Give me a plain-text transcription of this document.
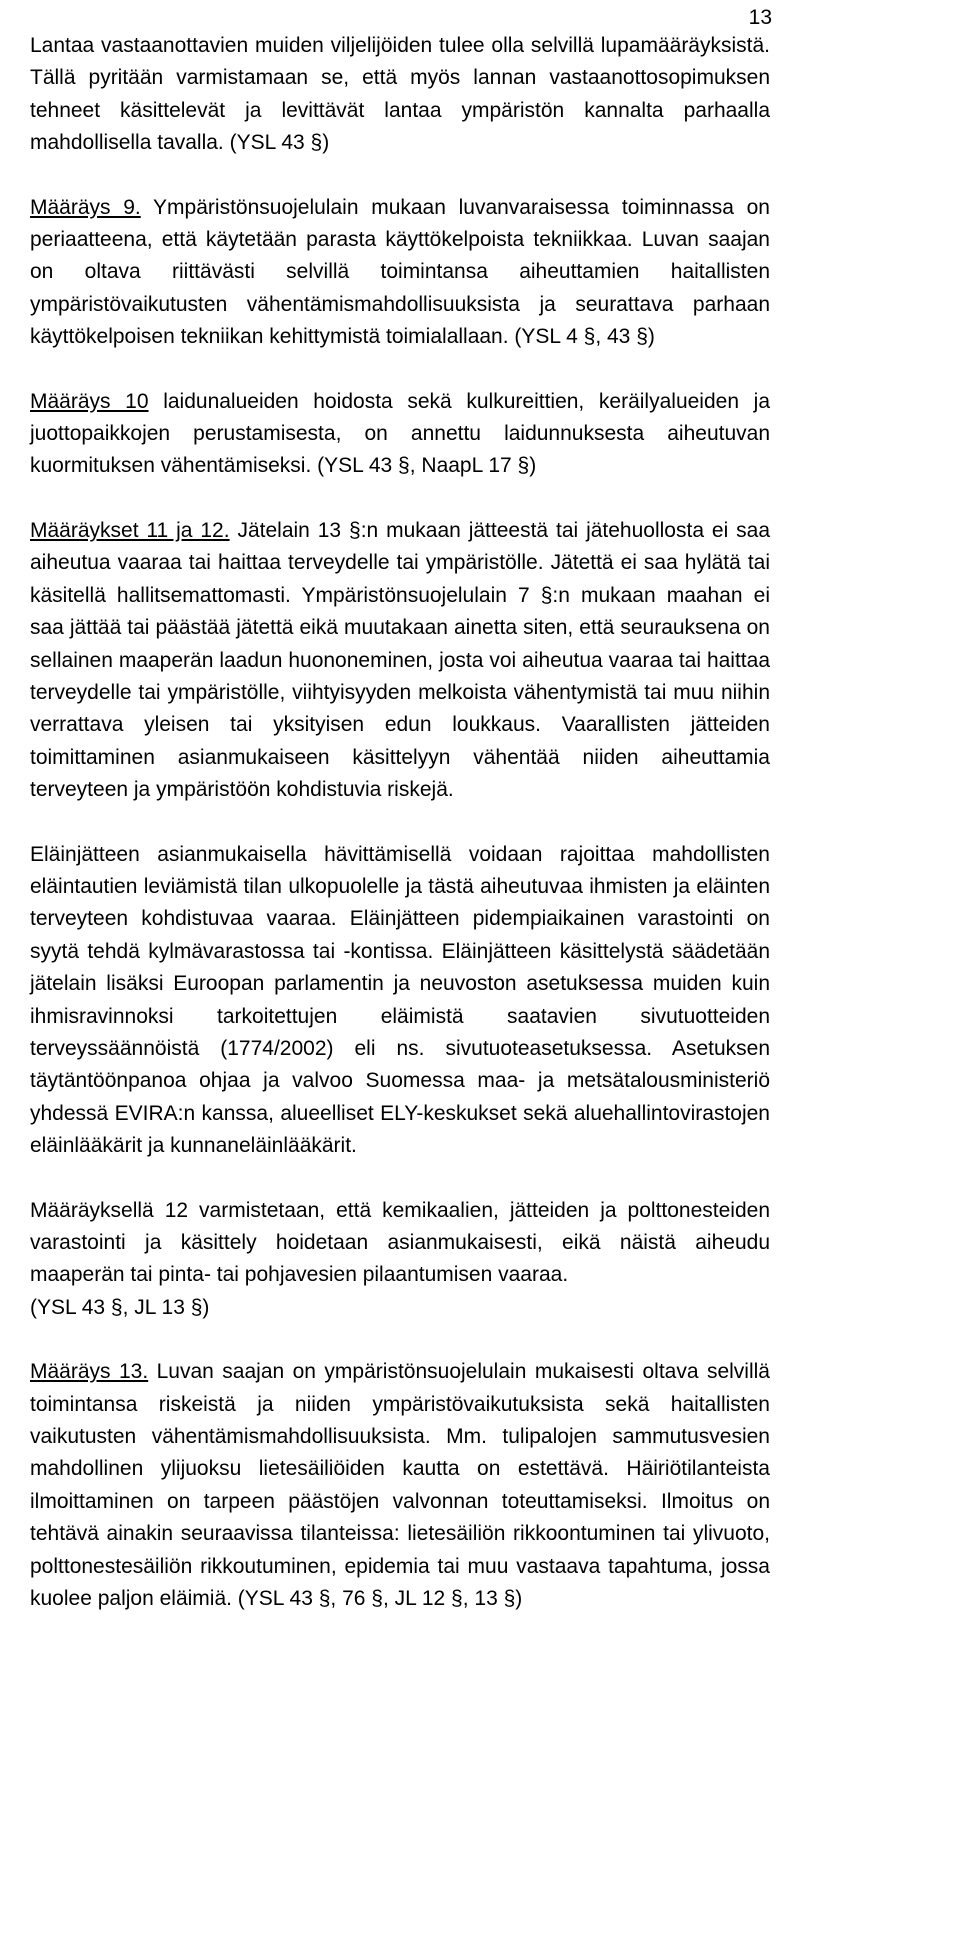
13

Lantaa vastaanottavien muiden viljelijöiden tulee olla selvillä lupamääräyksistä. Tällä pyritään varmistamaan se, että myös lannan vastaanottosopimuksen tehneet käsittelevät ja levittävät lantaa ympäristön kannalta parhaalla mahdollisella tavalla. (YSL 43 §)

Määräys 9. Ympäristönsuojelulain mukaan luvanvaraisessa toiminnassa on periaatteena, että käytetään parasta käyttökelpoista tekniikkaa. Luvan saajan on oltava riittävästi selvillä toimintansa aiheuttamien haitallisten ympäristövaikutusten vähentämismahdollisuuksista ja seurattava parhaan käyttökelpoisen tekniikan kehittymistä toimialallaan. (YSL 4 §, 43 §)

Määräys 10 laidunalueiden hoidosta sekä kulkureittien, keräilyalueiden ja juottopaikkojen perustamisesta, on annettu laidunnuksesta aiheutuvan kuormituksen vähentämiseksi. (YSL 43 §, NaapL 17 §)

Määräykset 11 ja 12. Jätelain 13 §:n mukaan jätteestä tai jätehuollosta ei saa aiheutua vaaraa tai haittaa terveydelle tai ympäristölle. Jätettä ei saa hylätä tai käsitellä hallitsemattomasti. Ympäristönsuojelulain 7 §:n mukaan maahan ei saa jättää tai päästää jätettä eikä muutakaan ainetta siten, että seurauksena on sellainen maaperän laadun huononeminen, josta voi aiheutua vaaraa tai haittaa terveydelle tai ympäristölle, viihtyisyyden melkoista vähentymistä tai muu niihin verrattava yleisen tai yksityisen edun loukkaus. Vaarallisten jätteiden toimittaminen asianmukaiseen käsittelyyn vähentää niiden aiheuttamia terveyteen ja ympäristöön kohdistuvia riskejä.

Eläinjätteen asianmukaisella hävittämisellä voidaan rajoittaa mahdollisten eläintautien leviämistä tilan ulkopuolelle ja tästä aiheutuvaa ihmisten ja eläinten terveyteen kohdistuvaa vaaraa. Eläinjätteen pidempiaikainen varastointi on syytä tehdä kylmävarastossa tai -kontissa. Eläinjätteen käsittelystä säädetään jätelain lisäksi Euroopan parlamentin ja neuvoston asetuksessa muiden kuin ihmisravinnoksi tarkoitettujen eläimistä saatavien sivutuotteiden terveyssäännöistä (1774/2002) eli ns. sivutuoteasetuksessa. Asetuksen täytäntöönpanoa ohjaa ja valvoo Suomessa maa- ja metsätalousministeriö yhdessä EVIRA:n kanssa, alueelliset ELY-keskukset sekä aluehallintovirastojen eläinlääkärit ja kunnaneläinlääkärit.

Määräyksellä 12 varmistetaan, että kemikaalien, jätteiden ja polttonesteiden varastointi ja käsittely hoidetaan asianmukaisesti, eikä näistä aiheudu maaperän tai pinta- tai pohjavesien pilaantumisen vaaraa.

(YSL 43 §, JL 13 §)

Määräys 13. Luvan saajan on ympäristönsuojelulain mukaisesti oltava selvillä toimintansa riskeistä ja niiden ympäristövaikutuksista sekä haitallisten vaikutusten vähentämismahdollisuuksista. Mm. tulipalojen sammutusvesien mahdollinen ylijuoksu lietesäiliöiden kautta on estettävä. Häiriötilanteista ilmoittaminen on tarpeen päästöjen valvonnan toteuttamiseksi. Ilmoitus on tehtävä ainakin seuraavissa tilanteissa: lietesäiliön rikkoontuminen tai ylivuoto, polttonestesäiliön rikkoutuminen, epidemia tai muu vastaava tapahtuma, jossa kuolee paljon eläimiä. (YSL 43 §, 76 §, JL 12 §, 13 §)
